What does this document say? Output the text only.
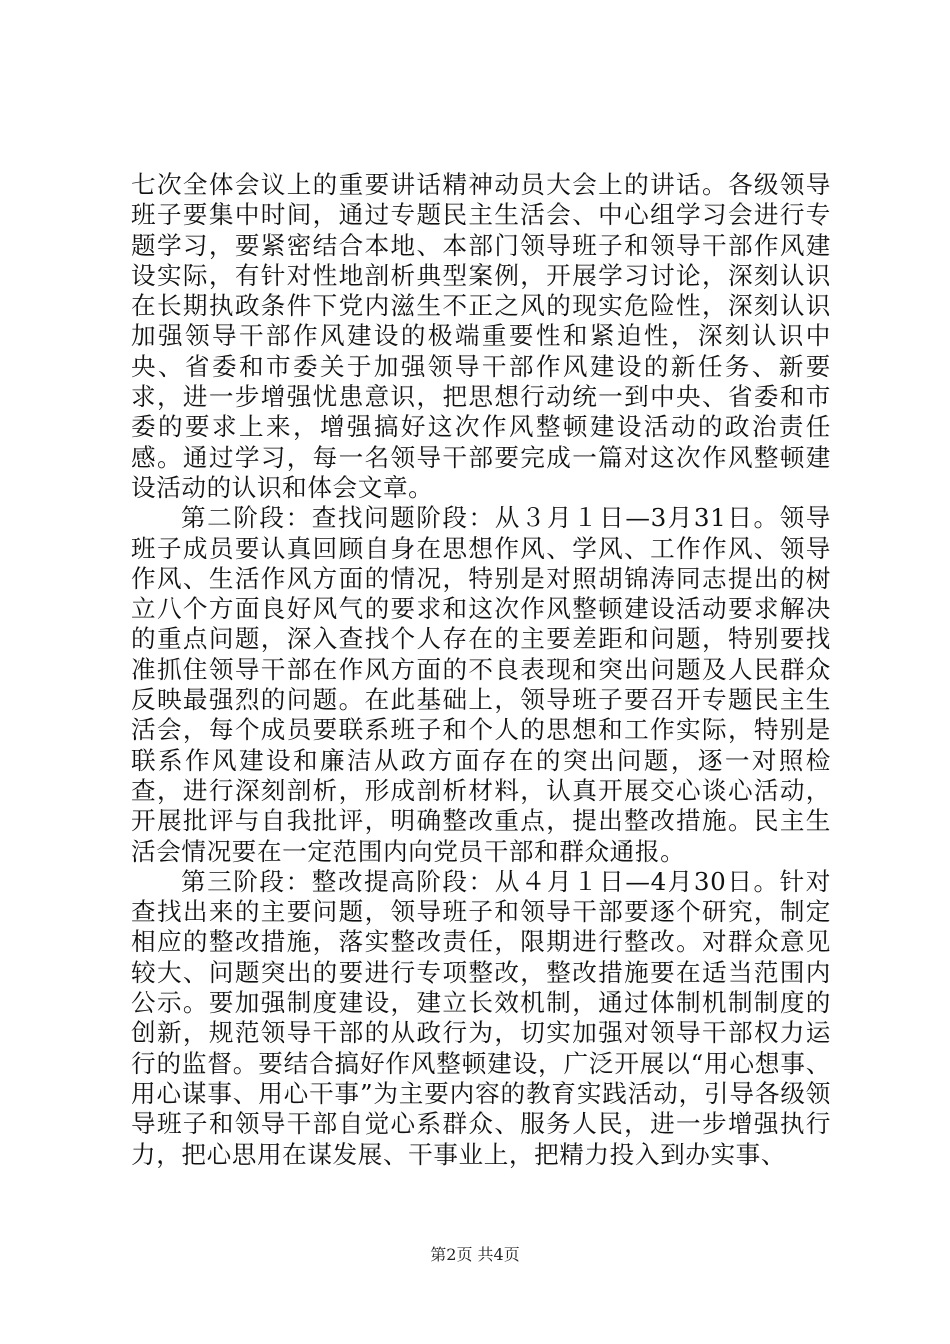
七次全体会议上的重要讲话精神动员大会上的讲话。各级领导班子要集中时间，通过专题民主生活会、中心组学习会进行专题学习，要紧密结合本地、本部门领导班子和领导干部作风建设实际，有针对性地剖析典型案例，开展学习讨论，深刻认识在长期执政条件下党内滋生不正之风的现实危险性，深刻认识加强领导干部作风建设的极端重要性和紧迫性，深刻认识中央、省委和市委关于加强领导干部作风建设的新任务、新要求，进一步增强忧患意识，把思想行动统一到中央、省委和市委的要求上来，增强搞好这次作风整顿建设活动的政治责任感。通过学习，每一名领导干部要完成一篇对这次作风整顿建设活动的认识和体会文章。

第二阶段：查找问题阶段：从３月１日—3月31日。领导班子成员要认真回顾自身在思想作风、学风、工作作风、领导作风、生活作风方面的情况，特别是对照胡锦涛同志提出的树立八个方面良好风气的要求和这次作风整顿建设活动要求解决的重点问题，深入查找个人存在的主要差距和问题，特别要找准抓住领导干部在作风方面的不良表现和突出问题及人民群众反映最强烈的问题。在此基础上，领导班子要召开专题民主生活会，每个成员要联系班子和个人的思想和工作实际，特别是联系作风建设和廉洁从政方面存在的突出问题，逐一对照检查，进行深刻剖析，形成剖析材料，认真开展交心谈心活动，开展批评与自我批评，明确整改重点，提出整改措施。民主生活会情况要在一定范围内向党员干部和群众通报。

第三阶段：整改提高阶段：从４月１日—4月30日。针对查找出来的主要问题，领导班子和领导干部要逐个研究，制定相应的整改措施，落实整改责任，限期进行整改。对群众意见较大、问题突出的要进行专项整改，整改措施要在适当范围内公示。要加强制度建设，建立长效机制，通过体制机制制度的创新，规范领导干部的从政行为，切实加强对领导干部权力运行的监督。要结合搞好作风整顿建设，广泛开展以“用心想事、用心谋事、用心干事”为主要内容的教育实践活动，引导各级领导班子和领导干部自觉心系群众、服务人民，进一步增强执行力，把心思用在谋发展、干事业上，把精力投入到办实事、

第2页 共4页
